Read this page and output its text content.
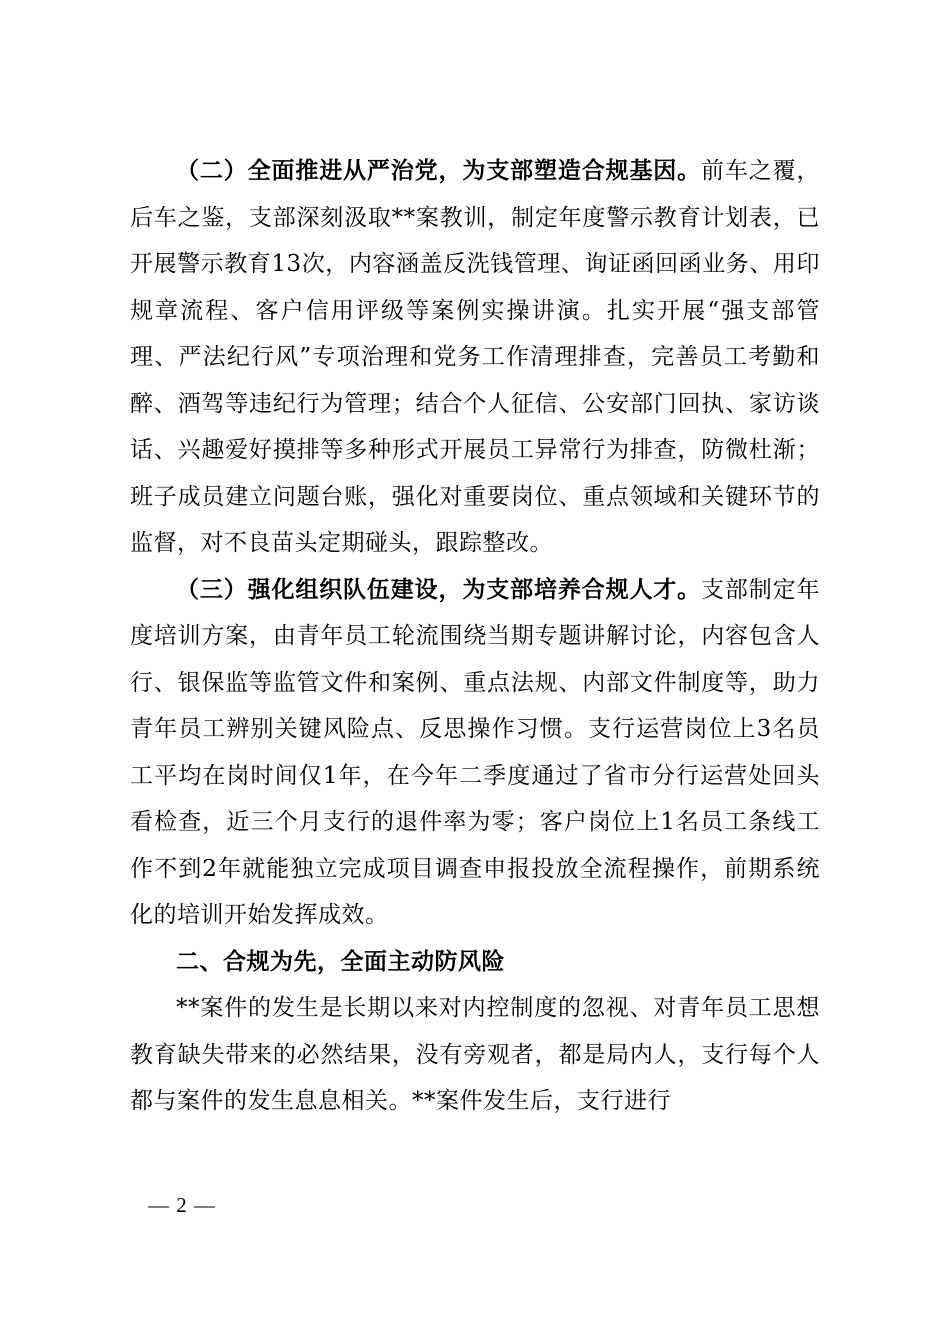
（二）全面推进从严治党，为支部塑造合规基因。前车之覆，后车之鉴，支部深刻汲取**案教训，制定年度警示教育计划表，已开展警示教育13次，内容涵盖反洗钱管理、询证函回函业务、用印规章流程、客户信用评级等案例实操讲演。扎实开展“强支部管理、严法纪行风”专项治理和党务工作清理排查，完善员工考勤和醉、酒驾等违纪行为管理；结合个人征信、公安部门回执、家访谈话、兴趣爱好摸排等多种形式开展员工异常行为排查，防微杜渐；班子成员建立问题台账，强化对重要岗位、重点领域和关键环节的监督，对不良苗头定期碰头，跟踪整改。

（三）强化组织队伍建设，为支部培养合规人才。支部制定年度培训方案，由青年员工轮流围绕当期专题讲解讨论，内容包含人行、银保监等监管文件和案例、重点法规、内部文件制度等，助力青年员工辨别关键风险点、反思操作习惯。支行运营岗位上3名员工平均在岗时间仅1年，在今年二季度通过了省市分行运营处回头看检查，近三个月支行的退件率为零；客户岗位上1名员工条线工作不到2年就能独立完成项目调查申报投放全流程操作，前期系统化的培训开始发挥成效。

二、合规为先，全面主动防风险

**案件的发生是长期以来对内控制度的忽视、对青年员工思想教育缺失带来的必然结果，没有旁观者，都是局内人，支行每个人都与案件的发生息息相关。**案件发生后，支行进行

— 2 —
